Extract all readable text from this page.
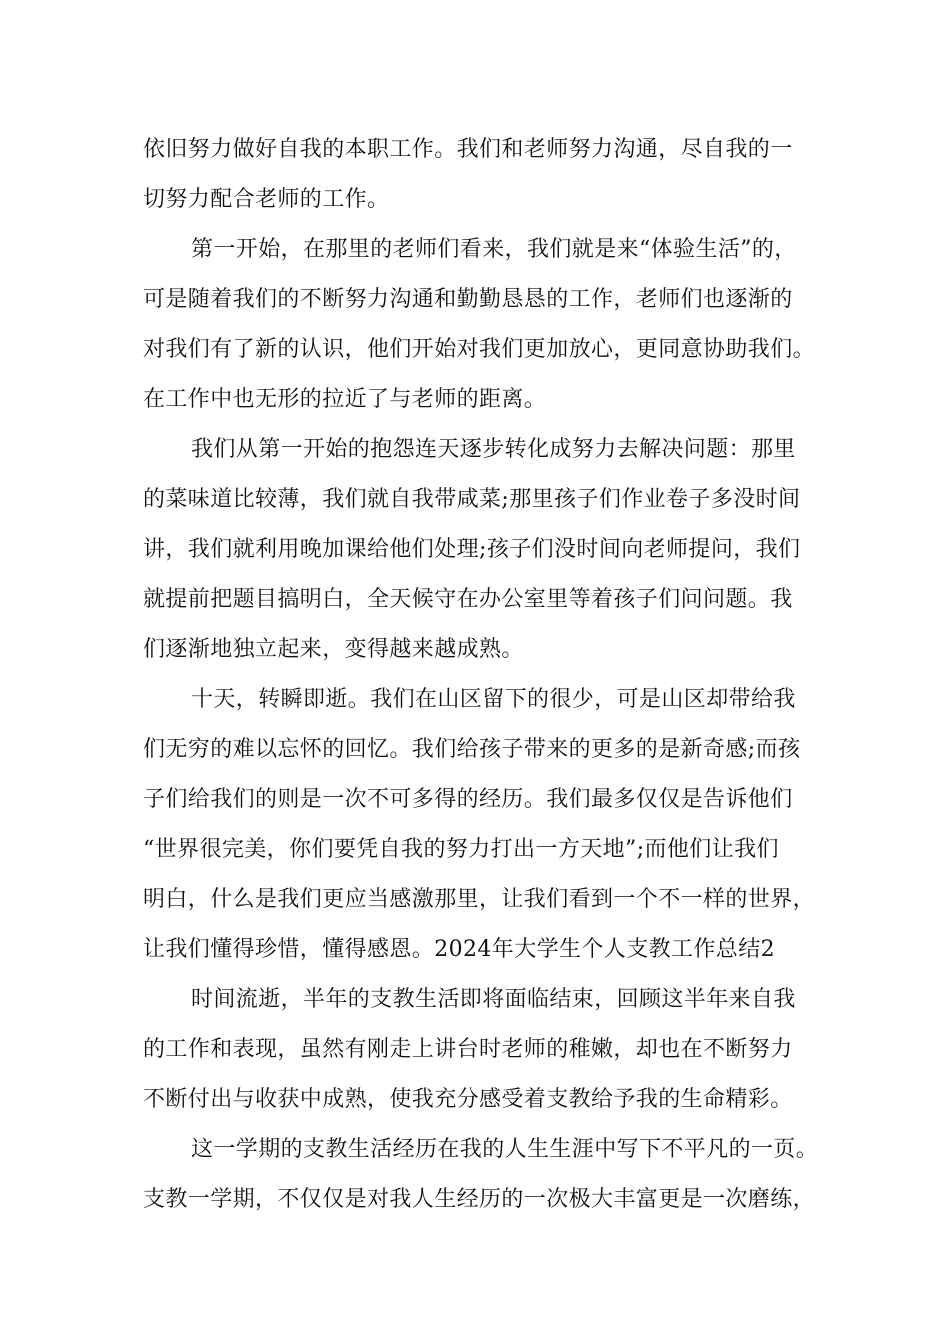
依旧努力做好自我的本职工作。我们和老师努力沟通，尽自我的一
切努力配合老师的工作。
第一开始，在那里的老师们看来，我们就是来“体验生活”的，
可是随着我们的不断努力沟通和勤勤恳恳的工作，老师们也逐渐的
对我们有了新的认识，他们开始对我们更加放心，更同意协助我们。
在工作中也无形的拉近了与老师的距离。
我们从第一开始的抱怨连天逐步转化成努力去解决问题：那里
的菜味道比较薄，我们就自我带咸菜;那里孩子们作业卷子多没时间
讲，我们就利用晚加课给他们处理;孩子们没时间向老师提问，我们
就提前把题目搞明白，全天候守在办公室里等着孩子们问问题。我
们逐渐地独立起来，变得越来越成熟。
十天，转瞬即逝。我们在山区留下的很少，可是山区却带给我
们无穷的难以忘怀的回忆。我们给孩子带来的更多的是新奇感;而孩
子们给我们的则是一次不可多得的经历。我们最多仅仅是告诉他们
“世界很完美，你们要凭自我的努力打出一方天地”;而他们让我们
明白，什么是我们更应当感激那里，让我们看到一个不一样的世界，
让我们懂得珍惜，懂得感恩。2024年大学生个人支教工作总结2
时间流逝，半年的支教生活即将面临结束，回顾这半年来自我
的工作和表现，虽然有刚走上讲台时老师的稚嫩，却也在不断努力
不断付出与收获中成熟，使我充分感受着支教给予我的生命精彩。
这一学期的支教生活经历在我的人生生涯中写下不平凡的一页。
支教一学期，不仅仅是对我人生经历的一次极大丰富更是一次磨练，
